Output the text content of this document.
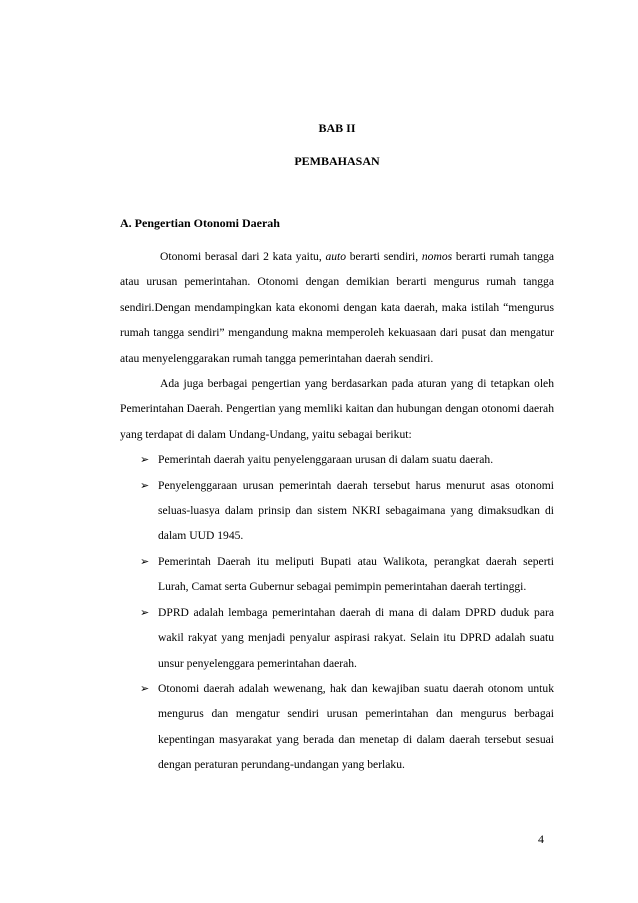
BAB II
PEMBAHASAN
A. Pengertian Otonomi Daerah

Otonomi berasal dari 2 kata yaitu, auto berarti sendiri, nomos berarti rumah tangga atau urusan pemerintahan. Otonomi dengan demikian berarti mengurus rumah tangga sendiri.Dengan mendampingkan kata ekonomi dengan kata daerah, maka istilah “mengurus rumah tangga sendiri” mengandung makna memperoleh kekuasaan dari pusat dan mengatur atau menyelenggarakan rumah tangga pemerintahan daerah sendiri.

Ada juga berbagai pengertian yang berdasarkan pada aturan yang di tetapkan oleh Pemerintahan Daerah. Pengertian yang memliki kaitan dan hubungan dengan otonomi daerah yang terdapat di dalam Undang-Undang, yaitu sebagai berikut:

➢ Pemerintah daerah yaitu penyelenggaraan urusan di dalam suatu daerah.
➢ Penyelenggaraan urusan pemerintah daerah tersebut harus menurut asas otonomi seluas-luasya dalam prinsip dan sistem NKRI sebagaimana yang dimaksudkan di dalam UUD 1945.
➢ Pemerintah Daerah itu meliputi Bupati atau Walikota, perangkat daerah seperti Lurah, Camat serta Gubernur sebagai pemimpin pemerintahan daerah tertinggi.
➢ DPRD adalah lembaga pemerintahan daerah di mana di dalam DPRD duduk para wakil rakyat yang menjadi penyalur aspirasi rakyat. Selain itu DPRD adalah suatu unsur penyelenggara pemerintahan daerah.
➢ Otonomi daerah adalah wewenang, hak dan kewajiban suatu daerah otonom untuk mengurus dan mengatur sendiri urusan pemerintahan dan mengurus berbagai kepentingan masyarakat yang berada dan menetap di dalam daerah tersebut sesuai dengan peraturan perundang-undangan yang berlaku.
4
